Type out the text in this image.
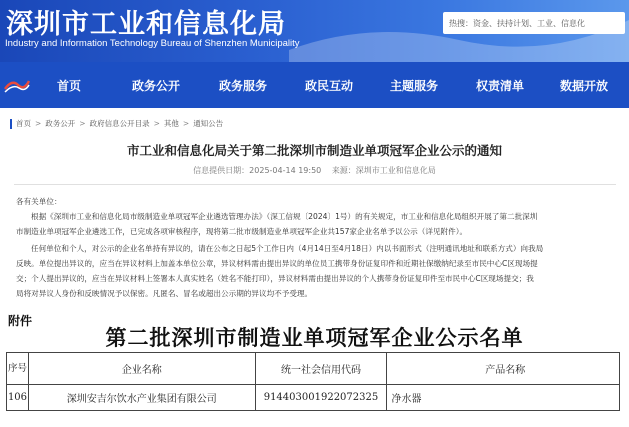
深圳市工业和信息化局
Industry and Information Technology Bureau of Shenzhen Municipality
热搜：资金、扶持计划、工业、信息化
首页	政务公开	政务服务	政民互动	主题服务	权责清单	数据开放
首页 > 政务公开 > 政府信息公开目录 > 其他 > 通知公告
市工业和信息化局关于第二批深圳市制造业单项冠军企业公示的通知
信息提供日期：2025-04-14 19:50 来源：深圳市工业和信息化局

各有关单位：

根据《深圳市工业和信息化局市级制造业单项冠军企业遴选管理办法》（深工信规〔2024〕1号）的有关规定，市工业和信息化局组织开展了第二批深圳

市制造业单项冠军企业遴选工作，已完成各项审核程序，现将第二批市级制造业单项冠军企业共157家企业名单予以公示（详见附件）。

任何单位和个人，对公示的企业名单持有异议的，请在公布之日起5个工作日内（4月14日至4月18日）内以书面形式（注明通讯地址和联系方式）向我局

反映。单位提出异议的，应当在异议材料上加盖本单位公章，异议材料需由提出异议的单位员工携带身份证复印件和近期社保缴纳纪录至市民中心C区现场提

交；个人提出异议的，应当在异议材料上签署本人真实姓名（姓名不能打印），异议材料需由提出异议的个人携带身份证复印件至市民中心C区现场提交；我

局将对异议人身份和反映情况予以保密。凡匿名、冒名或超出公示期的异议均不予受理。

附件
第二批深圳市制造业单项冠军企业公示名单
序号	企业名称	统一社会信用代码	产品名称
106	深圳安吉尔饮水产业集团有限公司	914403001922072325	净水器
